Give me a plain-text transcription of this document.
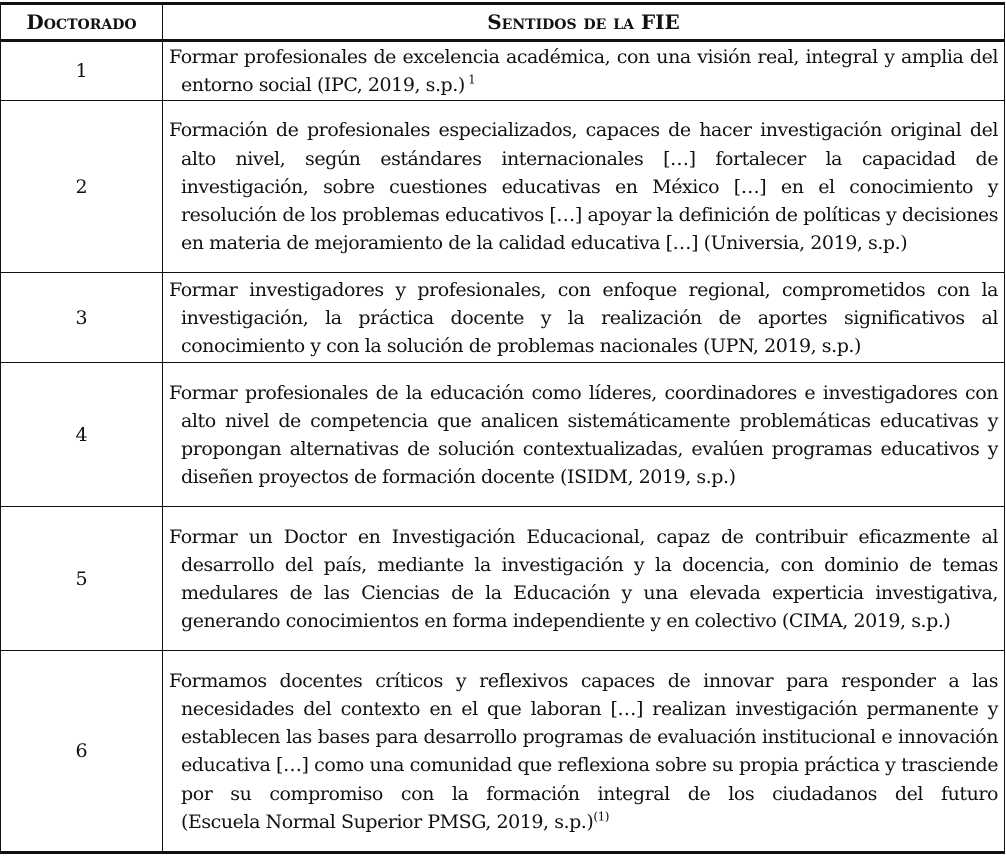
Doctorado	Sentidos de la FIE
1	Formar profesionales de excelencia académica, con una visión real, integral y amplia del entorno social (IPC, 2019, s.p.) $^1$

2	Formación de profesionales especializados, capaces de hacer investigación original del alto nivel, según estándares internacionales […] fortalecer la capacidad de investigación, sobre cuestiones educativas en México […] en el conocimiento y resolución de los problemas educativos […] apoyar la definición de políticas y decisiones en materia de mejoramiento de la calidad educativa […] (Universia, 2019, s.p.)

3	Formar investigadores y profesionales, con enfoque regional, comprometidos con la investigación, la práctica docente y la realización de aportes significativos al conocimiento y con la solución de problemas nacionales (UPN, 2019, s.p.)

4	Formar profesionales de la educación como líderes, coordinadores e investigadores con alto nivel de competencia que analicen sistemáticamente problemáticas educativas y propongan alternativas de solución contextualizadas, evalúen programas educativos y diseñen proyectos de formación docente (ISIDM, 2019, s.p.)

5	Formar un Doctor en Investigación Educacional, capaz de contribuir eficazmente al desarrollo del país, mediante la investigación y la docencia, con dominio de temas medulares de las Ciencias de la Educación y una elevada experticia investigativa, generando conocimientos en forma independiente y en colectivo (CIMA, 2019, s.p.)

6	Formamos docentes críticos y reflexivos capaces de innovar para responder a las necesidades del contexto en el que laboran […] realizan investigación permanente y establecen las bases para desarrollo programas de evaluación institucional e innovación educativa […] como una comunidad que reflexiona sobre su propia práctica y trasciende por su compromiso con la formación integral de los ciudadanos del futuro (Escuela Normal Superior PMSG, 2019, s.p.)$^{(1)}$
